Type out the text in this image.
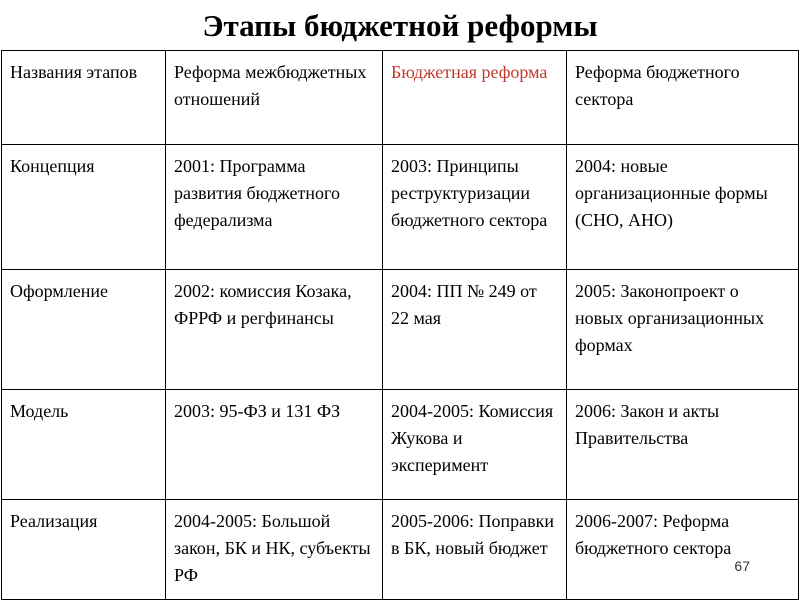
Этапы бюджетной реформы
Названия этапов	Реформа межбюджетных отношений	Бюджетная реформа	Реформа бюджетного сектора
Концепция	2001: Программа развития бюджетного федерализма	2003: Принципы реструктуризации бюджетного сектора	2004: новые организационные формы (СНО, АНО)
Оформление	2002: комиссия Козака, ФРРФ и регфинансы	2004: ПП № 249 от 22 мая	2005: Законопроект о новых организационных формах
Модель	2003: 95-ФЗ и 131 ФЗ	2004-2005: Комиссия Жукова и эксперимент	2006: Закон и акты Правительства
Реализация	2004-2005: Большой закон, БК и НК, субъекты РФ	2005-2006: Поправки в БК, новый бюджет	2006-2007: Реформа бюджетного сектора
67
